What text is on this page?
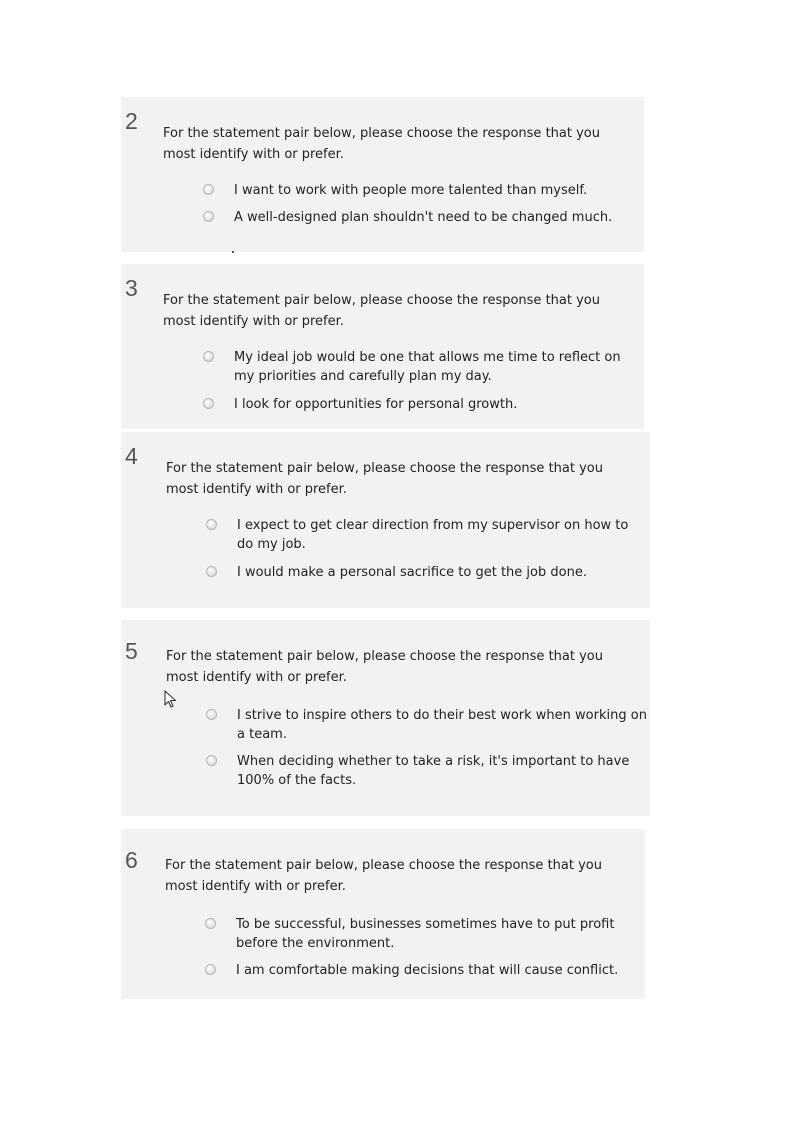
2 For the statement pair below, please choose the response that you most identify with or prefer.
I want to work with people more talented than myself.
A well-designed plan shouldn't need to be changed much.
3 For the statement pair below, please choose the response that you most identify with or prefer.
My ideal job would be one that allows me time to reflect on my priorities and carefully plan my day.
I look for opportunities for personal growth.
4 For the statement pair below, please choose the response that you most identify with or prefer.
I expect to get clear direction from my supervisor on how to do my job.
I would make a personal sacrifice to get the job done.
5 For the statement pair below, please choose the response that you most identify with or prefer.
I strive to inspire others to do their best work when working on a team.
When deciding whether to take a risk, it's important to have 100% of the facts.
6 For the statement pair below, please choose the response that you most identify with or prefer.
To be successful, businesses sometimes have to put profit before the environment.
I am comfortable making decisions that will cause conflict.
